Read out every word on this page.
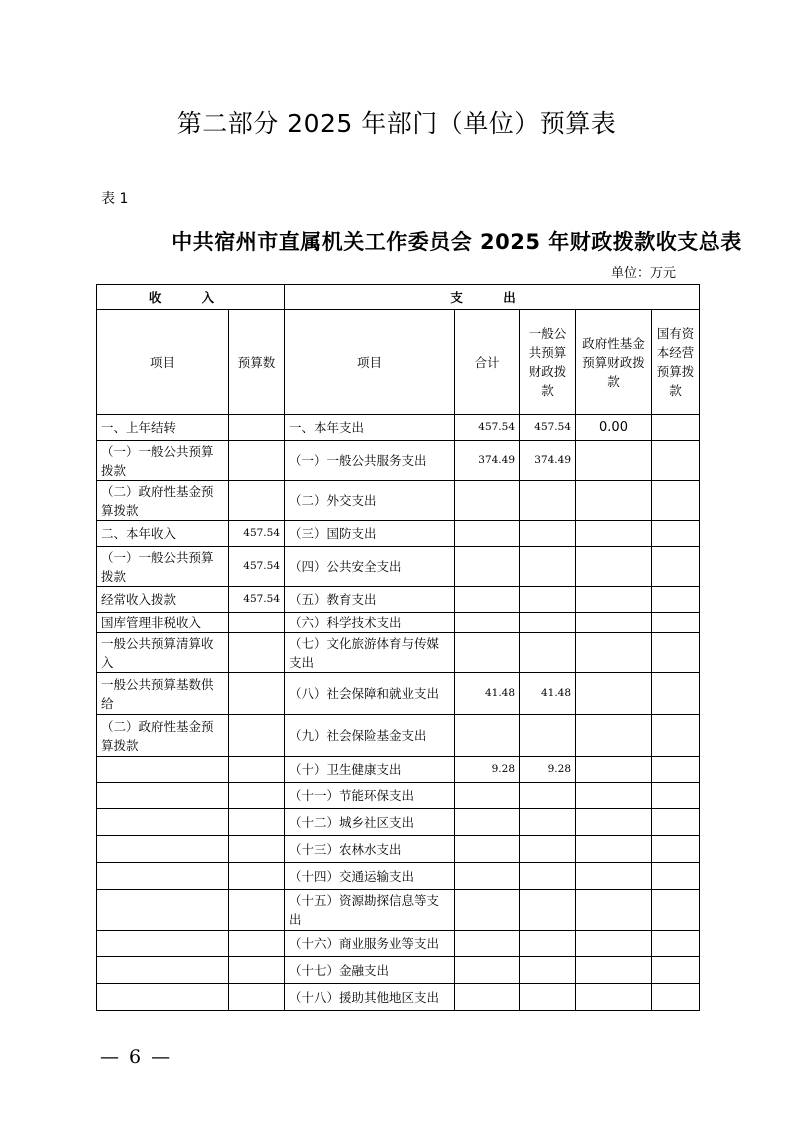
第二部分 2025 年部门（单位）预算表
表 1
中共宿州市直属机关工作委员会 2025 年财政拨款收支总表
单位：万元
收 入		支 出				
项目	预算数	项目	合计	一般公共预算财政拨款	政府性基金预算财政拨款	国有资本经营预算拨款
一、上年结转		一、本年支出	457.54	457.54	0.00	
（一）一般公共预算拨款		（一）一般公共服务支出	374.49	374.49		
（二）政府性基金预算拨款		（二）外交支出				
二、本年收入	457.54	（三）国防支出				
（一）一般公共预算拨款	457.54	（四）公共安全支出				
经常收入拨款	457.54	（五）教育支出				
国库管理非税收入		（六）科学技术支出				
一般公共预算清算收入		（七）文化旅游体育与传媒支出				
一般公共预算基数供给		（八）社会保障和就业支出	41.48	41.48		
（二）政府性基金预算拨款		（九）社会保险基金支出				
		（十）卫生健康支出	9.28	9.28		
		（十一）节能环保支出				
		（十二）城乡社区支出				
		（十三）农林水支出				
		（十四）交通运输支出				
		（十五）资源勘探信息等支出				
		（十六）商业服务业等支出				
		（十七）金融支出				
		（十八）援助其他地区支出				
— 6 —
